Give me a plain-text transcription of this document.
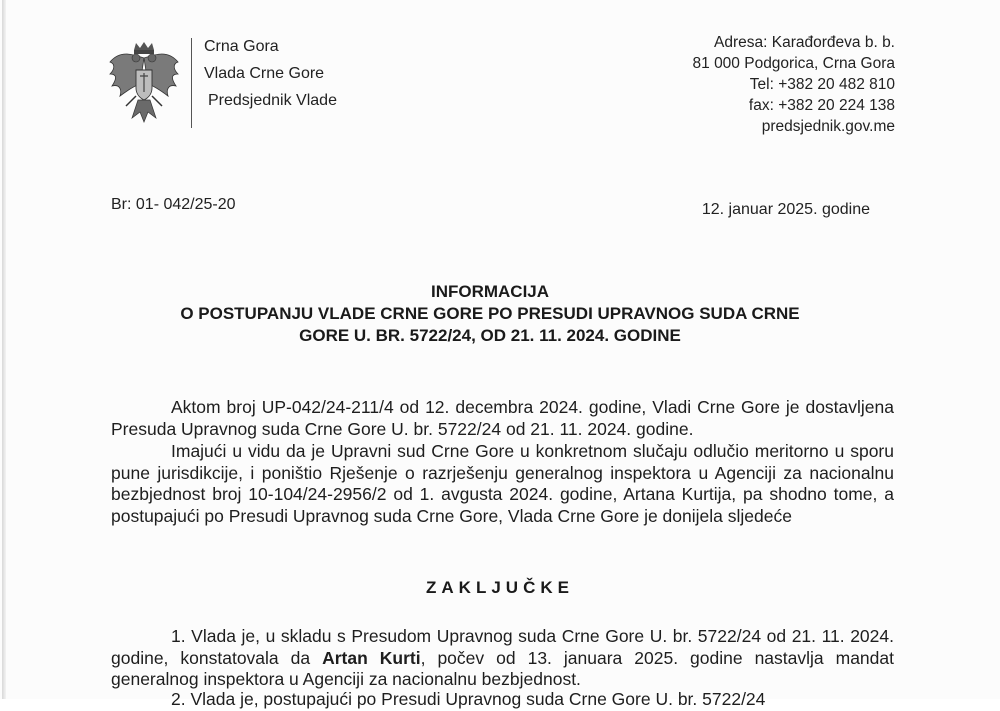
Crna Gora
Vlada Crne Gore
Predsjednik Vlade
Adresa: Karađorđeva b. b.
81 000 Podgorica, Crna Gora
Tel: +382 20 482 810
fax: +382 20 224 138
predsjednik.gov.me
Br: 01- 042/25-20	12. januar 2025. godine
INFORMACIJA
O POSTUPANJU VLADE CRNE GORE PO PRESUDI UPRAVNOG SUDA CRNE
GORE U. BR. 5722/24, OD 21. 11. 2024. GODINE
Aktom broj UP-042/24-211/4 od 12. decembra 2024. godine, Vladi Crne Gore je dostavljena Presuda Upravnog suda Crne Gore U. br. 5722/24 od 21. 11. 2024. godine.
Imajući u vidu da je Upravni sud Crne Gore u konkretnom slučaju odlučio meritorno u sporu pune jurisdikcije, i poništio Rješenje o razrješenju generalnog inspektora u Agenciji za nacionalnu bezbjednost broj 10-104/24-2956/2 od 1. avgusta 2024. godine, Artana Kurtija, pa shodno tome, a postupajući po Presudi Upravnog suda Crne Gore, Vlada Crne Gore je donijela sljedeće
ZAKLJUČKE
1. Vlada je, u skladu s Presudom Upravnog suda Crne Gore U. br. 5722/24 od 21. 11. 2024. godine, konstatovala da Artan Kurti, počev od 13. januara 2025. godine nastavlja mandat generalnog inspektora u Agenciji za nacionalnu bezbjednost.
2. Vlada je, postupajući po Presudi Upravnog suda Crne Gore U. br. 5722/24
